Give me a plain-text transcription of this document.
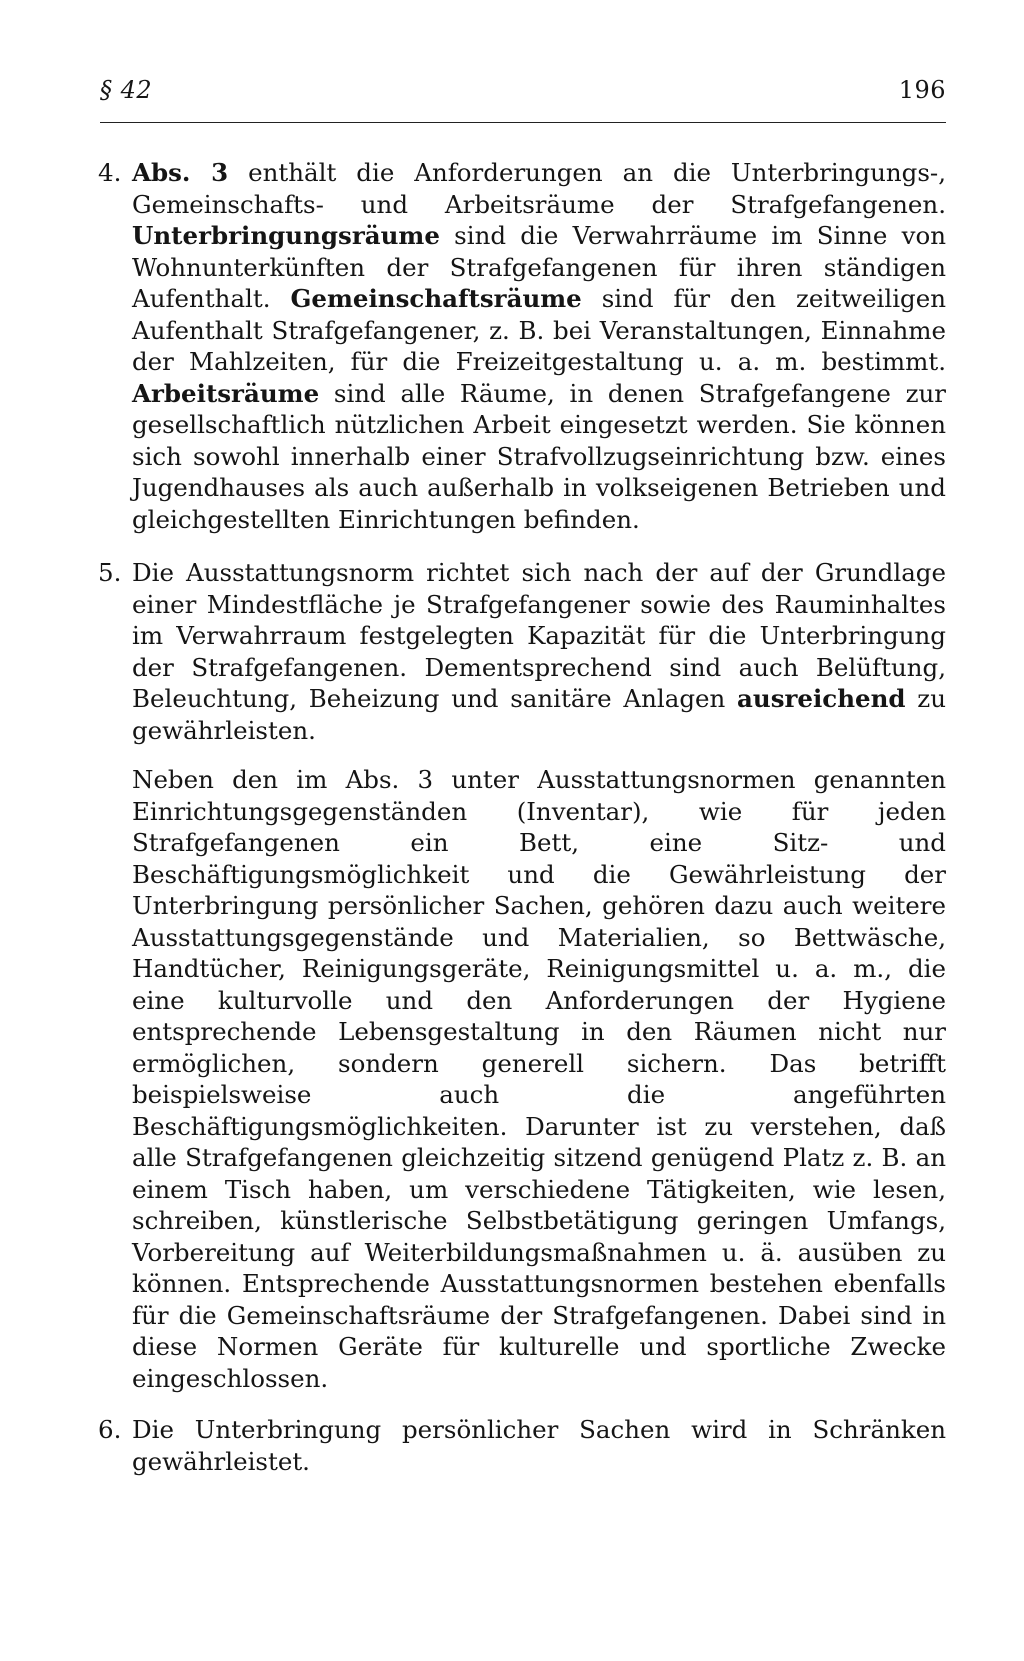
§ 42	196
4. Abs. 3 enthält die Anforderungen an die Unterbringungs-, Gemeinschafts- und Arbeitsräume der Strafgefangenen. Unterbringungsräume sind die Verwahrräume im Sinne von Wohnunterkünften der Strafgefangenen für ihren ständigen Aufenthalt. Gemeinschaftsräume sind für den zeitweiligen Aufenthalt Strafgefangener, z. B. bei Veranstaltungen, Einnahme der Mahlzeiten, für die Freizeitgestaltung u. a. m. bestimmt. Arbeitsräume sind alle Räume, in denen Strafgefangene zur gesellschaftlich nützlichen Arbeit eingesetzt werden. Sie können sich sowohl innerhalb einer Strafvollzugseinrichtung bzw. eines Jugendhauses als auch außerhalb in volkseigenen Betrieben und gleichgestellten Einrichtungen befinden.
5. Die Ausstattungsnorm richtet sich nach der auf der Grundlage einer Mindestfläche je Strafgefangener sowie des Rauminhaltes im Verwahrraum festgelegten Kapazität für die Unterbringung der Strafgefangenen. Dementsprechend sind auch Belüftung, Beleuchtung, Beheizung und sanitäre Anlagen ausreichend zu gewährleisten.
Neben den im Abs. 3 unter Ausstattungsnormen genannten Einrichtungsgegenständen (Inventar), wie für jeden Strafgefangenen ein Bett, eine Sitz- und Beschäftigungsmöglichkeit und die Gewährleistung der Unterbringung persönlicher Sachen, gehören dazu auch weitere Ausstattungsgegenstände und Materialien, so Bettwäsche, Handtücher, Reinigungsgeräte, Reinigungsmittel u. a. m., die eine kulturvolle und den Anforderungen der Hygiene entsprechende Lebensgestaltung in den Räumen nicht nur ermöglichen, sondern generell sichern. Das betrifft beispielsweise auch die angeführten Beschäftigungsmöglichkeiten. Darunter ist zu verstehen, daß alle Strafgefangenen gleichzeitig sitzend genügend Platz z. B. an einem Tisch haben, um verschiedene Tätigkeiten, wie lesen, schreiben, künstlerische Selbstbetätigung geringen Umfangs, Vorbereitung auf Weiterbildungsmaßnahmen u. ä. ausüben zu können. Entsprechende Ausstattungsnormen bestehen ebenfalls für die Gemeinschaftsräume der Strafgefangenen. Dabei sind in diese Normen Geräte für kulturelle und sportliche Zwecke eingeschlossen.
6. Die Unterbringung persönlicher Sachen wird in Schränken gewährleistet.
